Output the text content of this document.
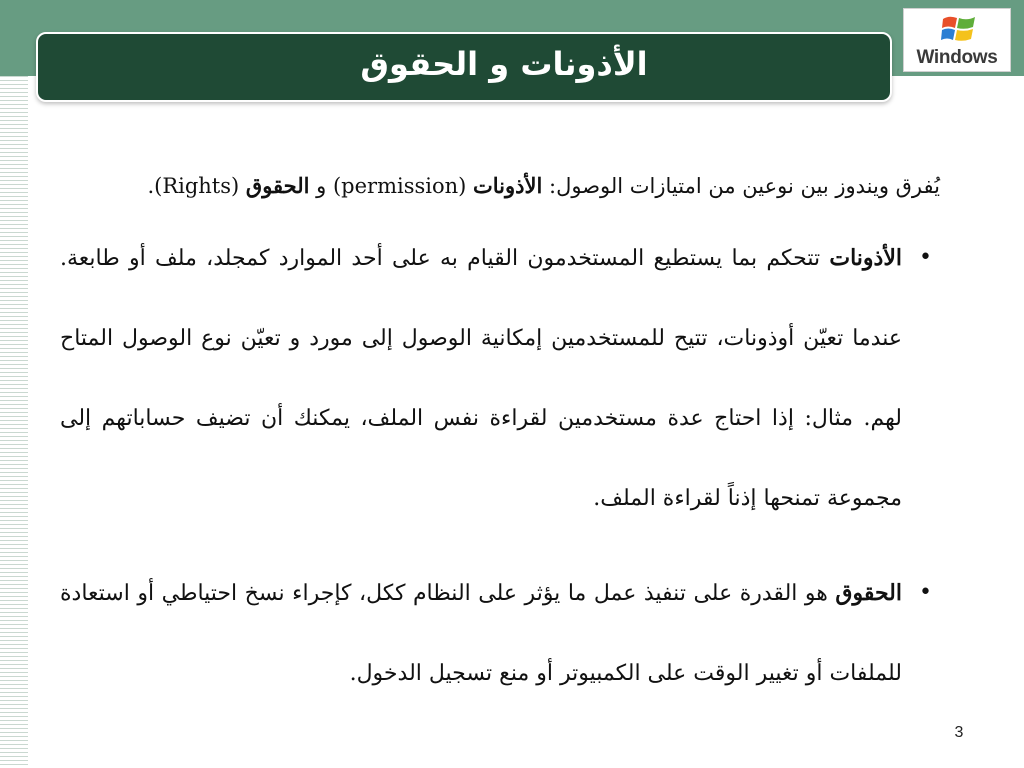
الأذونات و الحقوق	Windows

يُفرق ويندوز بين نوعين من امتيازات الوصول: الأذونات (permission) و الحقوق (Rights).

•
الأذونات تتحكم بما يستطيع المستخدمون القيام به على أحد الموارد كمجلد، ملف أو طابعة. عندما تعيّن أوذونات، تتيح للمستخدمين إمكانية الوصول إلى مورد و تعيّن نوع الوصول المتاح لهم. مثال: إذا احتاج عدة مستخدمين لقراءة نفس الملف، يمكنك أن تضيف حساباتهم إلى مجموعة تمنحها إذناً لقراءة الملف.

•
الحقوق هو القدرة على تنفيذ عمل ما يؤثر على النظام ككل، كإجراء نسخ احتياطي أو استعادة للملفات أو تغيير الوقت على الكمبيوتر أو منع تسجيل الدخول.

3
